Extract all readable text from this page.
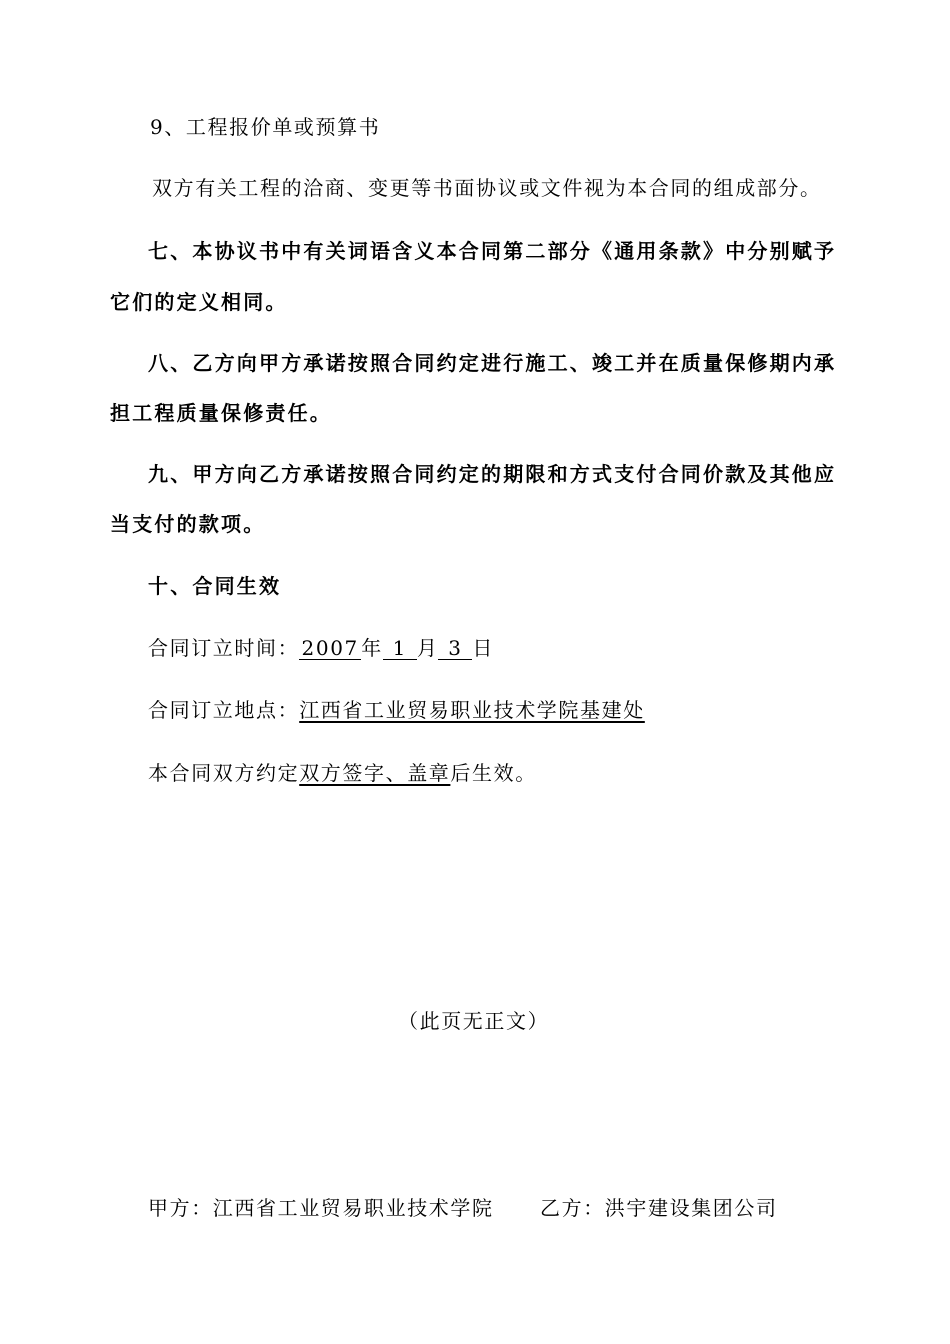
9、工程报价单或预算书
双方有关工程的洽商、变更等书面协议或文件视为本合同的组成部分。
七、本协议书中有关词语含义本合同第二部分《通用条款》中分别赋予
它们的定义相同。
八、乙方向甲方承诺按照合同约定进行施工、竣工并在质量保修期内承
担工程质量保修责任。
九、甲方向乙方承诺按照合同约定的期限和方式支付合同价款及其他应
当支付的款项。
十、合同生效
合同订立时间： 2007 年 1 月 3 日
合同订立地点：江西省工业贸易职业技术学院基建处
本合同双方约定双方签字、盖章后生效。
（此页无正文）
甲方：江西省工业贸易职业技术学院 乙方：洪宇建设集团公司
